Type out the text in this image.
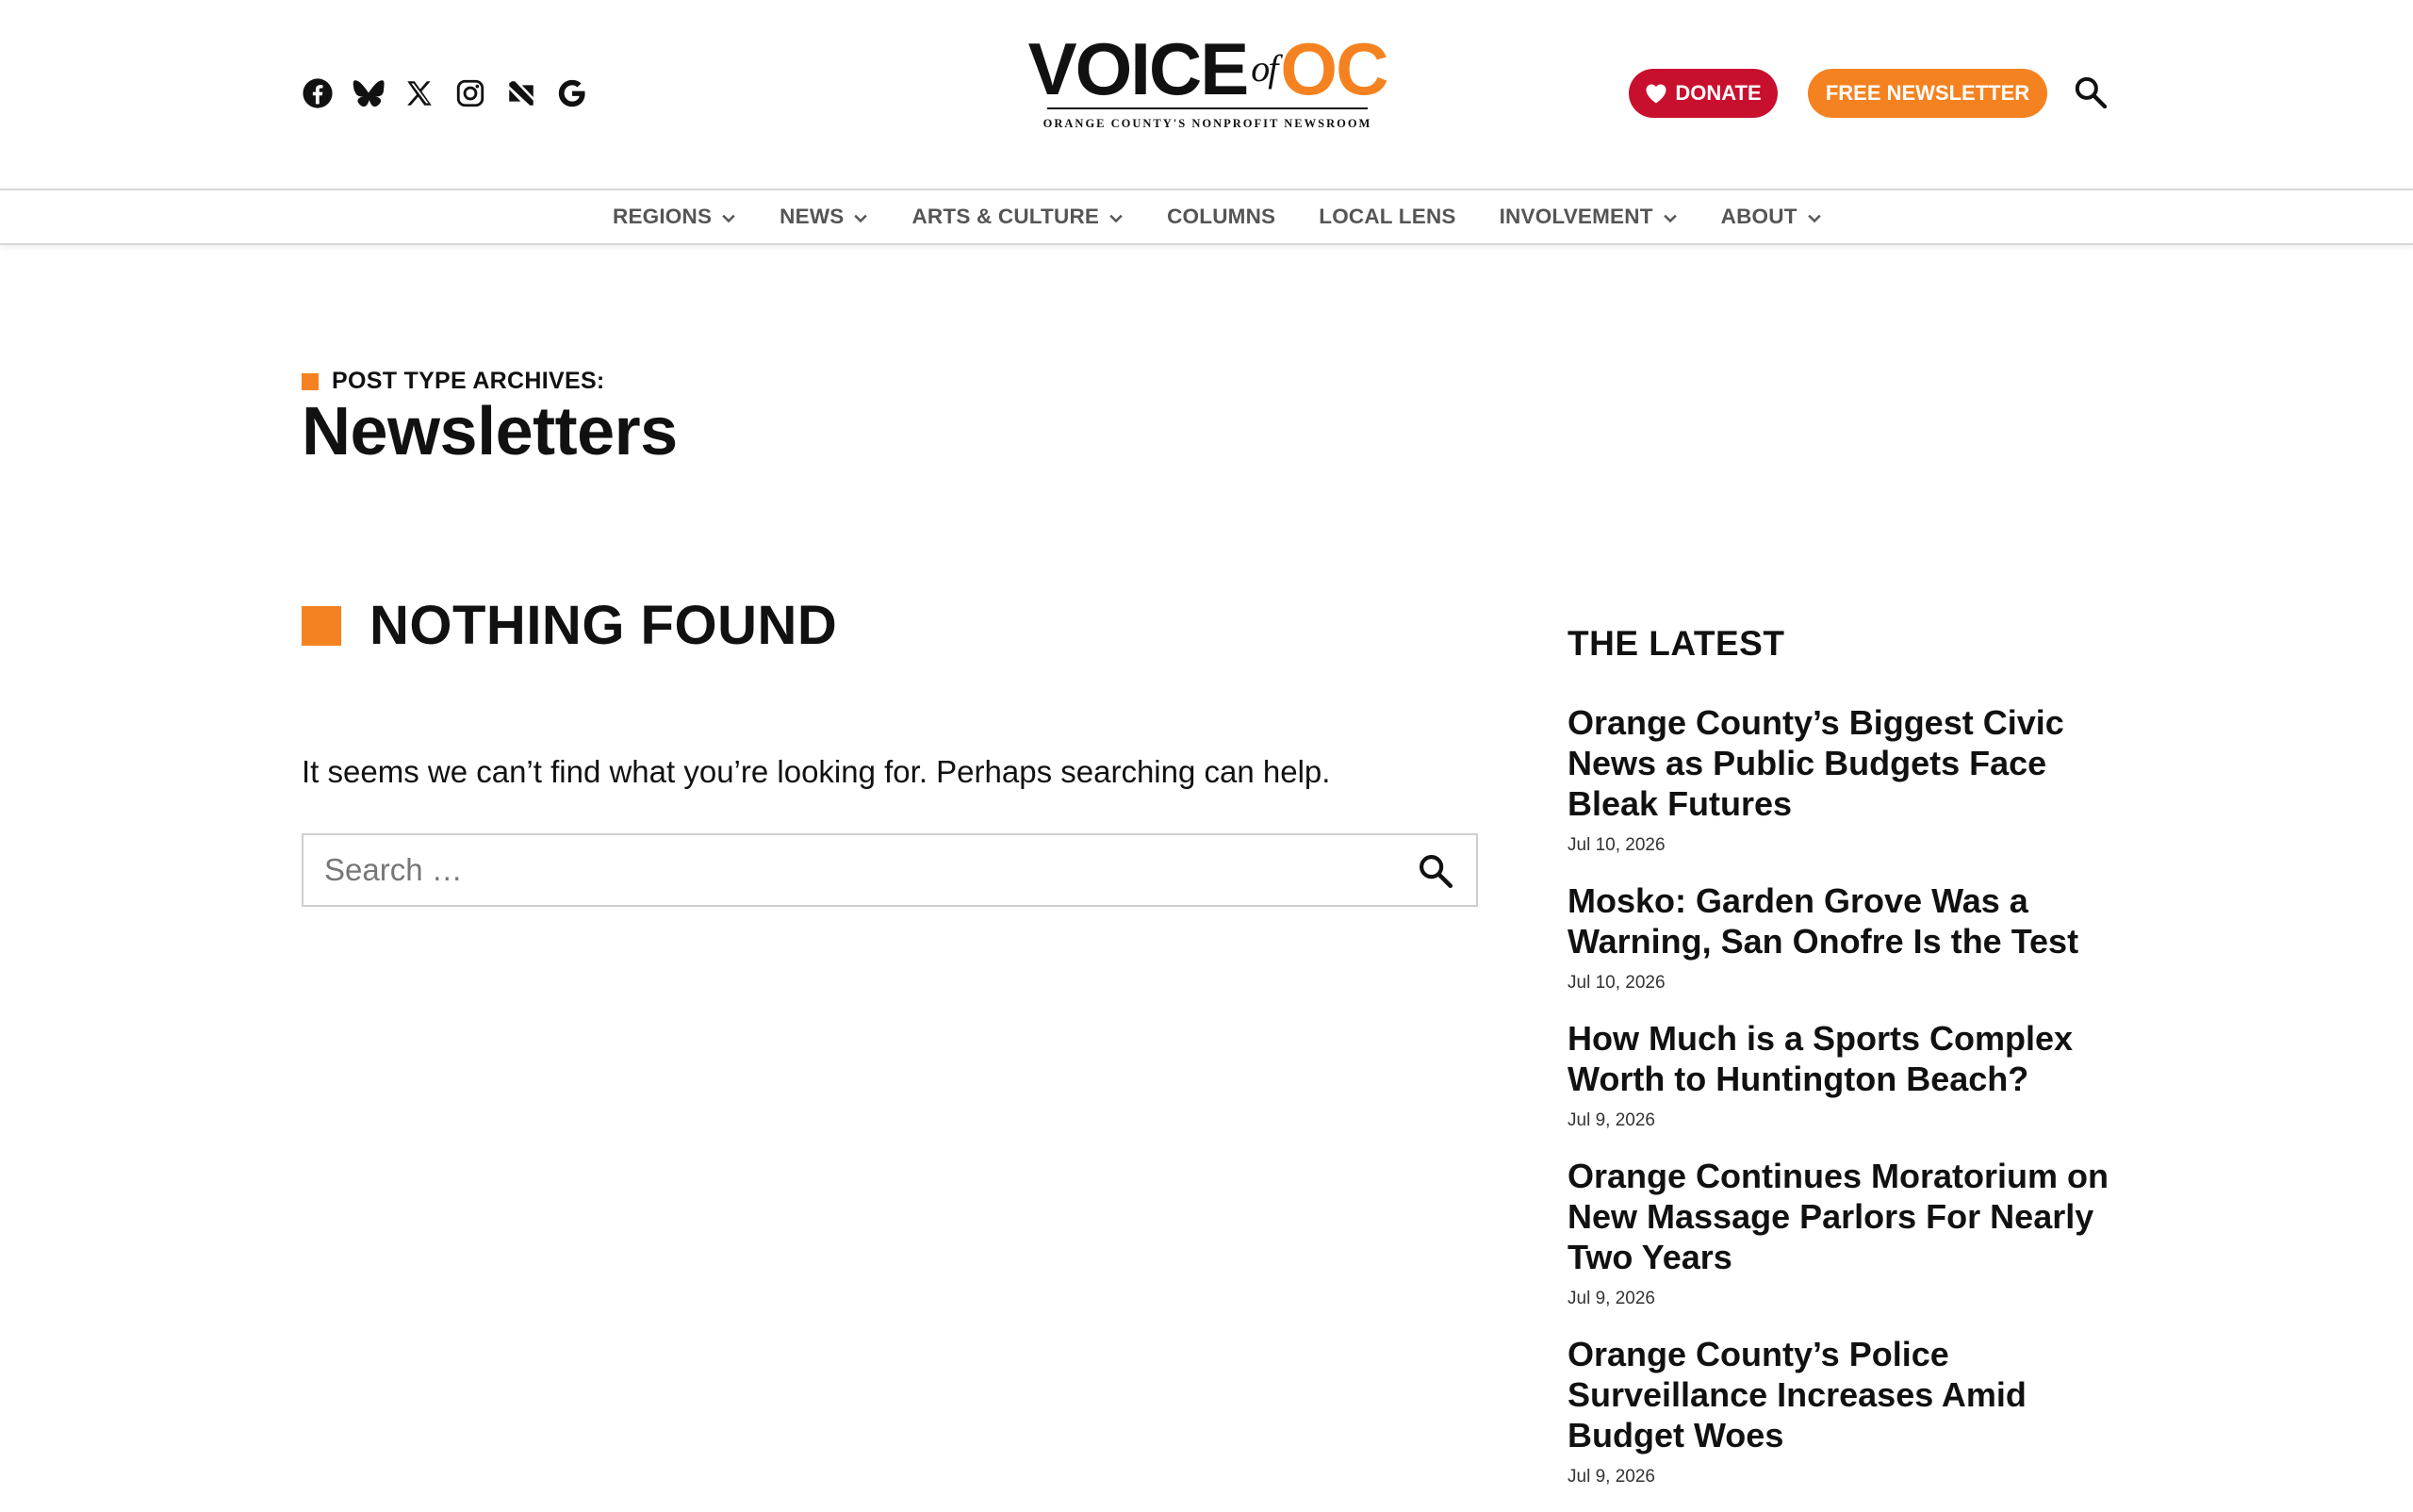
VOICE ofOC
ORANGE COUNTY'S NONPROFIT NEWSROOM
DONATE	FREE NEWSLETTER
REGIONS	NEWS	ARTS & CULTURE	COLUMNS LOCAL LENS INVOLVEMENT	ABOUT
POST TYPE ARCHIVES:
Newsletters
NOTHING FOUND
It seems we can’t find what you’re looking for. Perhaps searching can help.
Search …
THE LATEST
Orange County’s Biggest Civic News as Public Budgets Face Bleak Futures
Jul 10, 2026
Mosko: Garden Grove Was a Warning, San Onofre Is the Test
Jul 10, 2026
How Much is a Sports Complex Worth to Huntington Beach?
Jul 9, 2026
Orange Continues Moratorium on New Massage Parlors For Nearly Two Years
Jul 9, 2026
Orange County’s Police Surveillance Increases Amid Budget Woes
Jul 9, 2026
